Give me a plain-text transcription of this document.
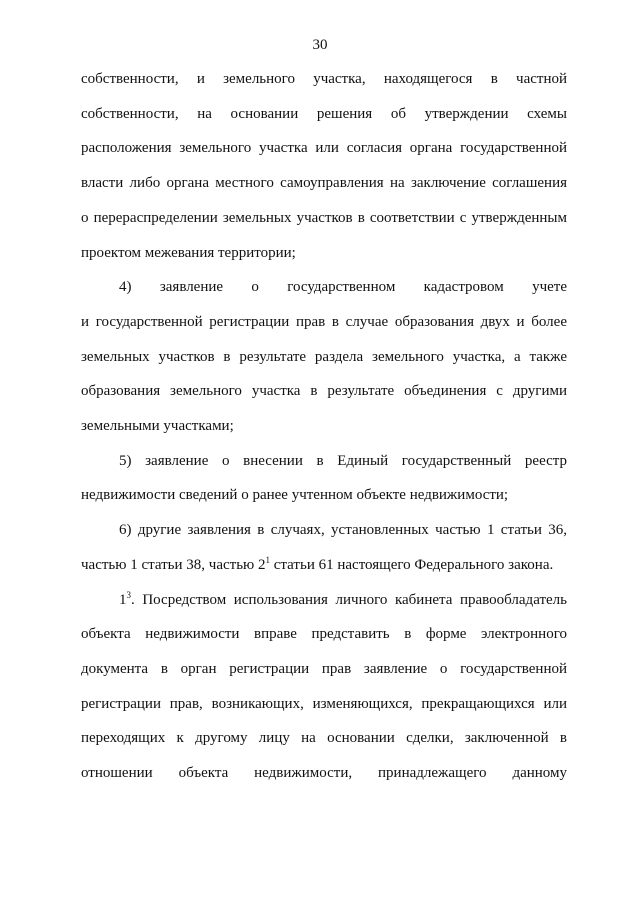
30

собственности, и земельного участка, находящегося в частной

собственности, на основании решения об утверждении схемы

расположения земельного участка или согласия органа государственной

власти либо органа местного самоуправления на заключение соглашения

о перераспределении земельных участков в соответствии с утвержденным

проектом межевания территории;

4) заявление о государственном кадастровом учете

и государственной регистрации прав в случае образования двух и более

земельных участков в результате раздела земельного участка, а также

образования земельного участка в результате объединения с другими

земельными участками;

5) заявление о внесении в Единый государственный реестр

недвижимости сведений о ранее учтенном объекте недвижимости;

6) другие заявления в случаях, установленных частью 1 статьи 36,

частью 1 статьи 38, частью $2^1$ статьи 61 настоящего Федерального закона.

$1^3$. Посредством использования личного кабинета правообладатель

объекта недвижимости вправе представить в форме электронного

документа в орган регистрации прав заявление о государственной

регистрации прав, возникающих, изменяющихся, прекращающихся или

переходящих к другому лицу на основании сделки, заключенной в

отношении объекта недвижимости, принадлежащего данному
